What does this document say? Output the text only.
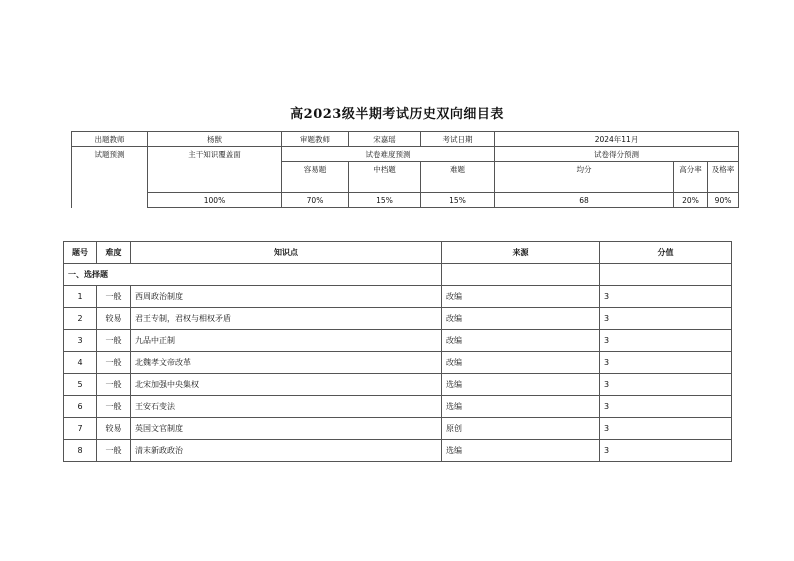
高2023级半期考试历史双向细目表
出题教师	杨獣	审题教师	宋嘉瑶	考试日期	2024年11月		
试题预测	主干知识覆盖面	试卷难度预测			试卷得分预测		
		容易题	中档题	难题	均分	高分率	及格率
	100%	70%	15%	15%	68	20%	90%
题号	难度	知识点	来源	分值
一、选择题				
1	一般	西周政治制度	改编	3
2	较易	君王专制，君权与相权矛盾	改编	3
3	一般	九品中正制	改编	3
4	一般	北魏孝文帝改革	改编	3
5	一般	北宋加强中央集权	选编	3
6	一般	王安石变法	选编	3
7	较易	英国文官制度	原创	3
8	一般	清末新政政治	选编	3
